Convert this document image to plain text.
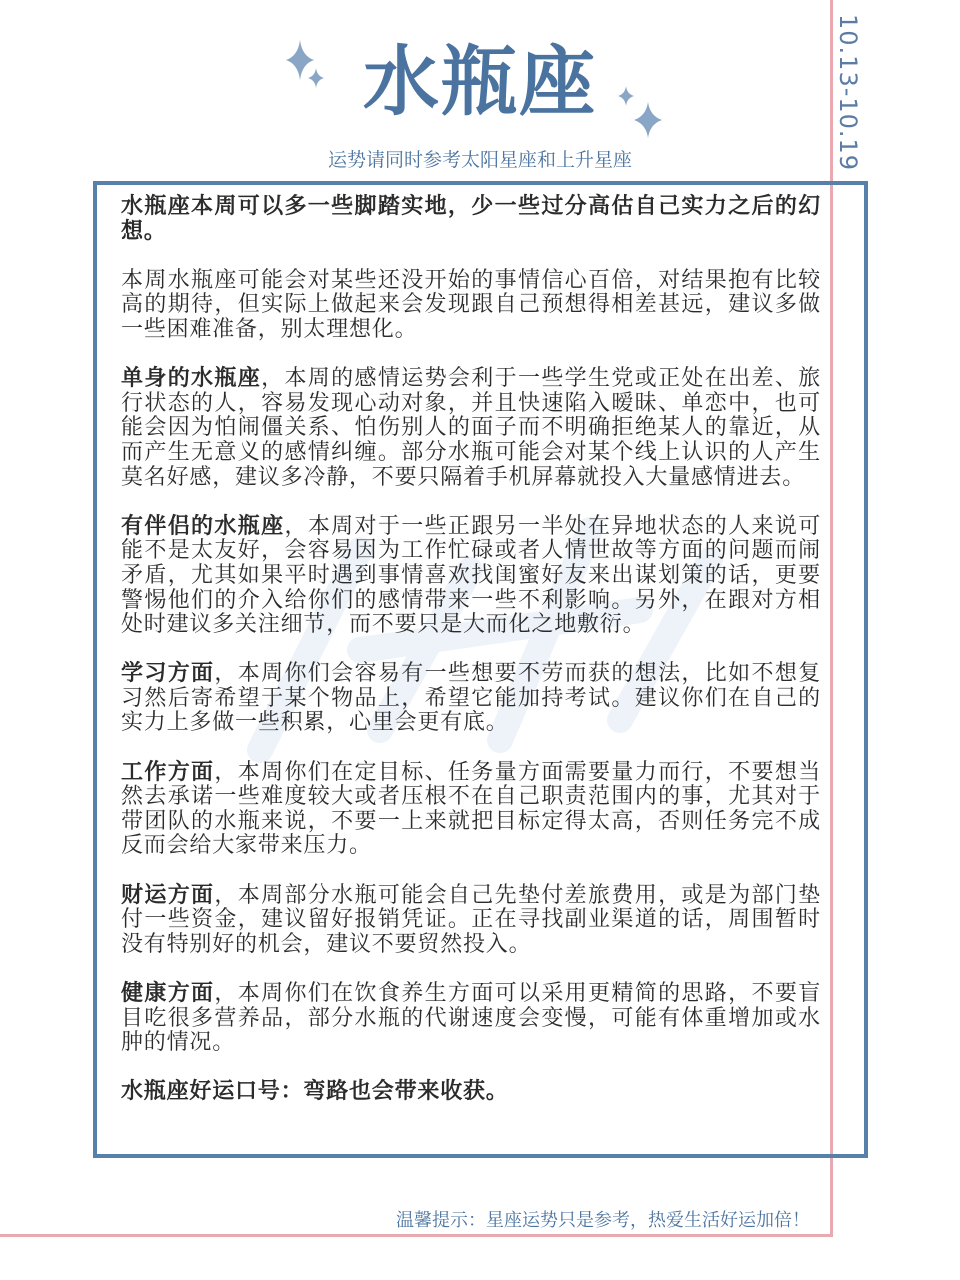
10.13-10.19
水瓶座
运势请同时参考太阳星座和上升星座

水瓶座本周可以多一些脚踏实地，少一些过分高估自己实力之后的幻想。

本周水瓶座可能会对某些还没开始的事情信心百倍，对结果抱有比较高的期待，但实际上做起来会发现跟自己预想得相差甚远，建议多做一些困难准备，别太理想化。

单身的水瓶座，本周的感情运势会利于一些学生党或正处在出差、旅行状态的人，容易发现心动对象，并且快速陷入暧昧、单恋中，也可能会因为怕闹僵关系、怕伤别人的面子而不明确拒绝某人的靠近，从而产生无意义的感情纠缠。部分水瓶可能会对某个线上认识的人产生莫名好感，建议多冷静，不要只隔着手机屏幕就投入大量感情进去。

有伴侣的水瓶座，本周对于一些正跟另一半处在异地状态的人来说可能不是太友好，会容易因为工作忙碌或者人情世故等方面的问题而闹矛盾，尤其如果平时遇到事情喜欢找闺蜜好友来出谋划策的话，更要警惕他们的介入给你们的感情带来一些不利影响。另外，在跟对方相处时建议多关注细节，而不要只是大而化之地敷衍。

学习方面，本周你们会容易有一些想要不劳而获的想法，比如不想复习然后寄希望于某个物品上，希望它能加持考试。建议你们在自己的实力上多做一些积累，心里会更有底。

工作方面，本周你们在定目标、任务量方面需要量力而行，不要想当然去承诺一些难度较大或者压根不在自己职责范围内的事，尤其对于带团队的水瓶来说，不要一上来就把目标定得太高，否则任务完不成反而会给大家带来压力。

财运方面，本周部分水瓶可能会自己先垫付差旅费用，或是为部门垫付一些资金，建议留好报销凭证。正在寻找副业渠道的话，周围暂时没有特别好的机会，建议不要贸然投入。

健康方面，本周你们在饮食养生方面可以采用更精简的思路，不要盲目吃很多营养品，部分水瓶的代谢速度会变慢，可能有体重增加或水肿的情况。

水瓶座好运口号：弯路也会带来收获。

温馨提示：星座运势只是参考，热爱生活好运加倍！
